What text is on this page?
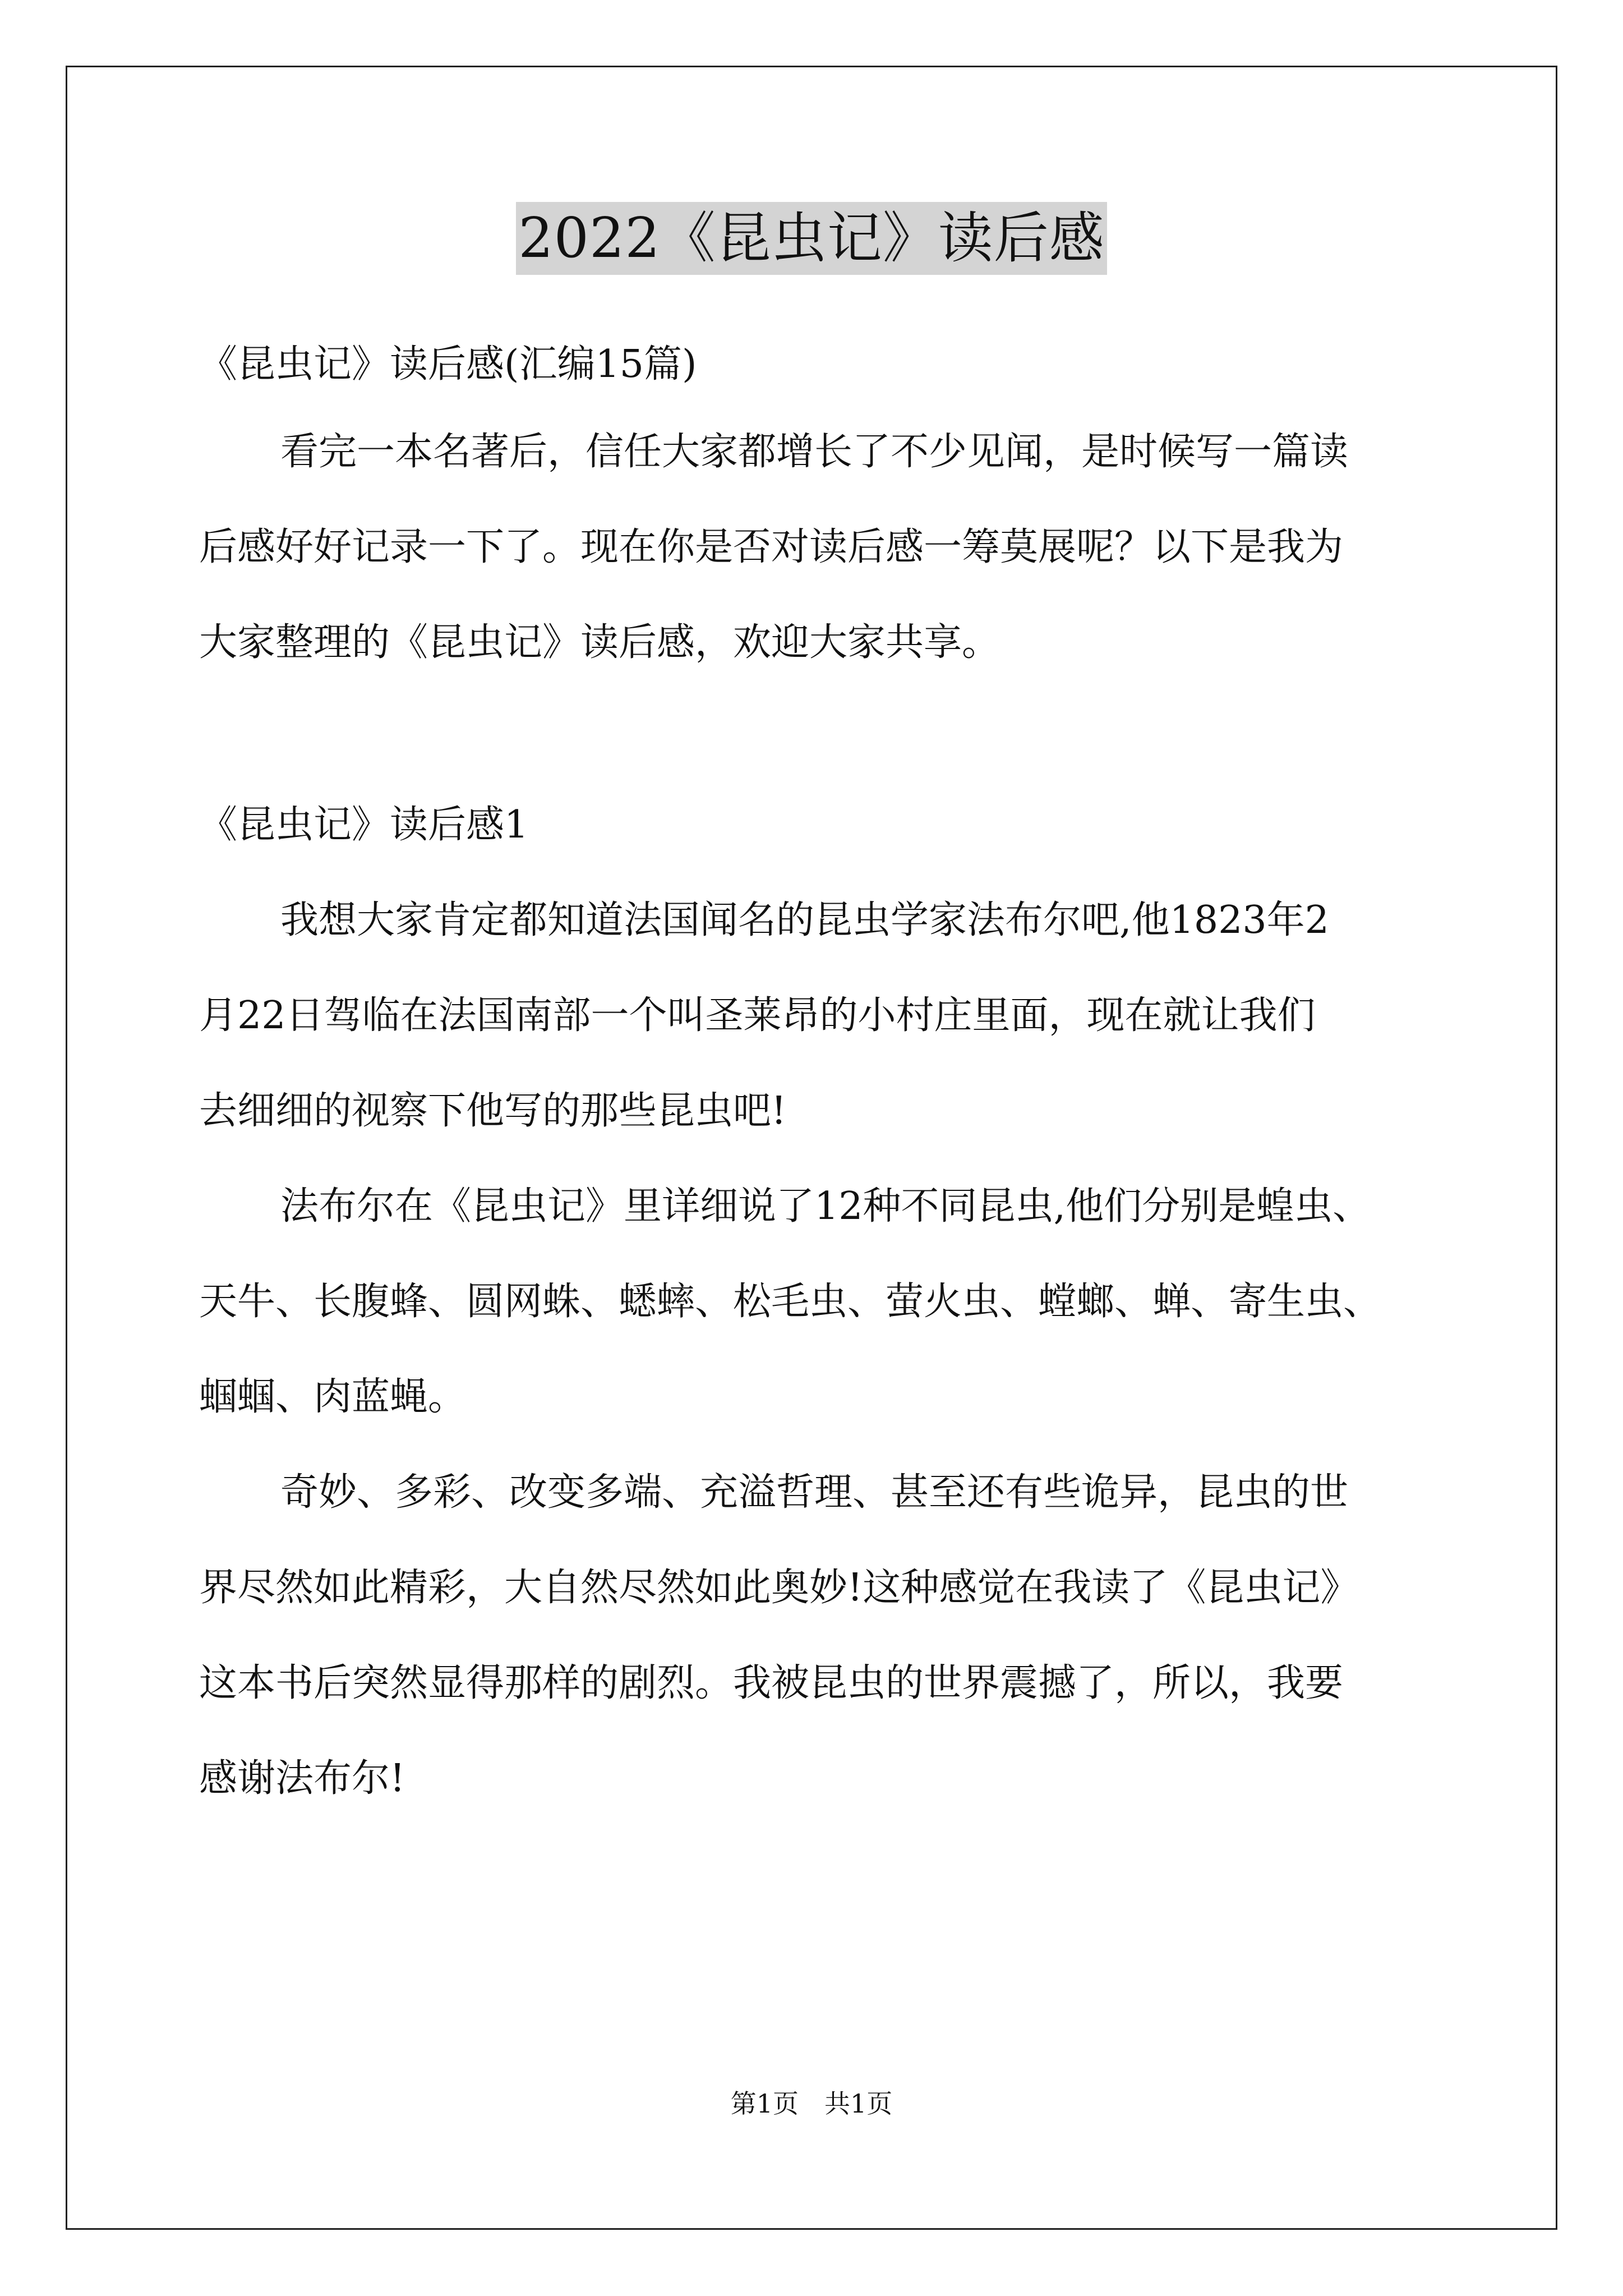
2022《昆虫记》读后感
《昆虫记》读后感(汇编15篇)

看完一本名著后，信任大家都增长了不少见闻，是时候写一篇读

后感好好记录一下了。现在你是否对读后感一筹莫展呢？以下是我为
大家整理的《昆虫记》读后感，欢迎大家共享。
《昆虫记》读后感1

我想大家肯定都知道法国闻名的昆虫学家法布尔吧,他1823年2

月22日驾临在法国南部一个叫圣莱昂的小村庄里面，现在就让我们
去细细的视察下他写的那些昆虫吧!

法布尔在《昆虫记》里详细说了12种不同昆虫,他们分别是蝗虫、

天牛、长腹蜂、圆网蛛、蟋蟀、松毛虫、萤火虫、螳螂、蝉、寄生虫、
蝈蝈、肉蓝蝇。

奇妙、多彩、改变多端、充溢哲理、甚至还有些诡异，昆虫的世

界尽然如此精彩，大自然尽然如此奥妙!这种感觉在我读了《昆虫记》
这本书后突然显得那样的剧烈。我被昆虫的世界震撼了，所以，我要
感谢法布尔!
第1页　共1页
